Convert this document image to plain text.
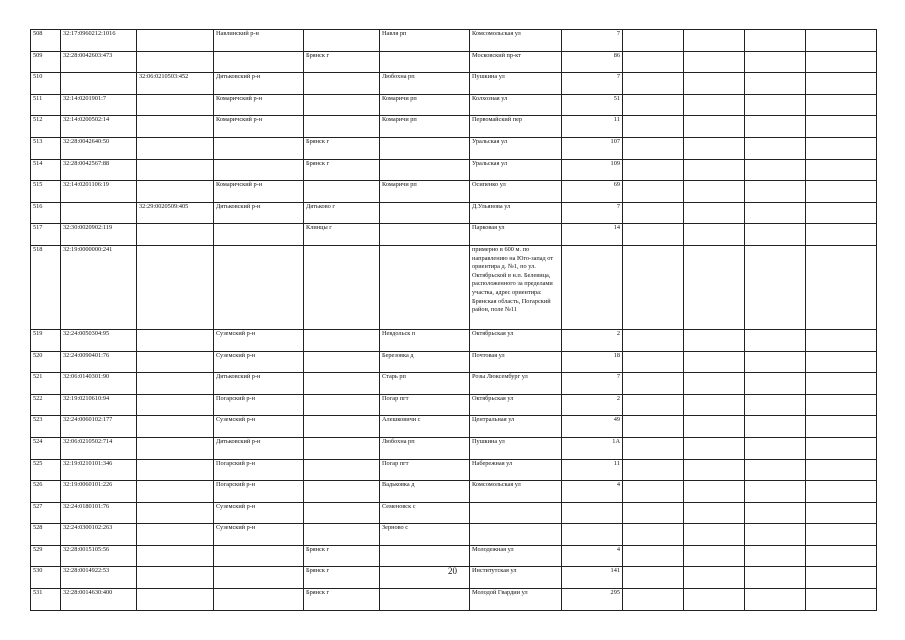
508	32:17:0960212:1016		Навлинский р-н		Навля рп	Комсомольская ул	7				
509	32:28:0042603:473			Брянск г		Московский пр-кт	86				
510		32:06:0210503:452	Дятьковский р-н		Любохна рп	Пушкина ул	7				
511	32:14:0201901:7		Комаричский р-н		Комаричи рп	Колхозная ул	51				
512	32:14:0200502:14		Комаричский р-н		Комаричи рп	Первомайский пер	11				
513	32:28:0042640:50			Брянск г		Уральская ул	107				
514	32:28:0042567:88			Брянск г		Уральская ул	109				
515	32:14:0201106:19		Комаричский р-н		Комаричи рп	Осипенко ул	69				
516		32:29:0020509:405	Дятьковский р-н	Дятьково г		Д.Ульянова ул	7				
517	32:30:0020902:119			Клинцы г		Парковая ул	14				
518	32:19:0000000:241					примерно в 600 м. по направлению на Юго-запад от ориентира д. №1, по ул. Октябрьской в н.п. Белевица, расположенного за пределами участка, адрес ориентира: Брянская область, Погарский район, поле №11					
519	32:24:0050304:95		Суземский р-н		Невдольск п	Октябрьская ул	2				
520	32:24:0090401:76		Суземский р-н		Березовка д	Почтовая ул	18				
521	32:06:0140301:90		Дятьковский р-н		Старь рп	Розы Люксембург ул	7				
522	32:19:0210610:94		Погарский р-н		Погар пгт	Октябрьская ул	2				
523	32:24:0060102:177		Суземский р-н		Алешковичи с	Центральная ул	49				
524	32:06:0210502:714		Дятьковский р-н		Любохна рп	Пушкина ул	1А				
525	32:19:0210101:346		Погарский р-н		Погар пгт	Набережная ул	11				
526	32:19:0060101:226		Погарский р-н		Вадьковка д	Комсомольская ул	4				
527	32:24:0180101:76		Суземский р-н		Семеновск с						
528	32:24:0300102:263		Суземский р-н		Зерново с						
529	32:28:0015105:56			Брянск г		Молодежная ул	4				
530	32:28:0014922:53			Брянск г		Институтская ул	141				
531	32:28:0014630:400			Брянск г		Молодой Гвардии ул	295				
20
